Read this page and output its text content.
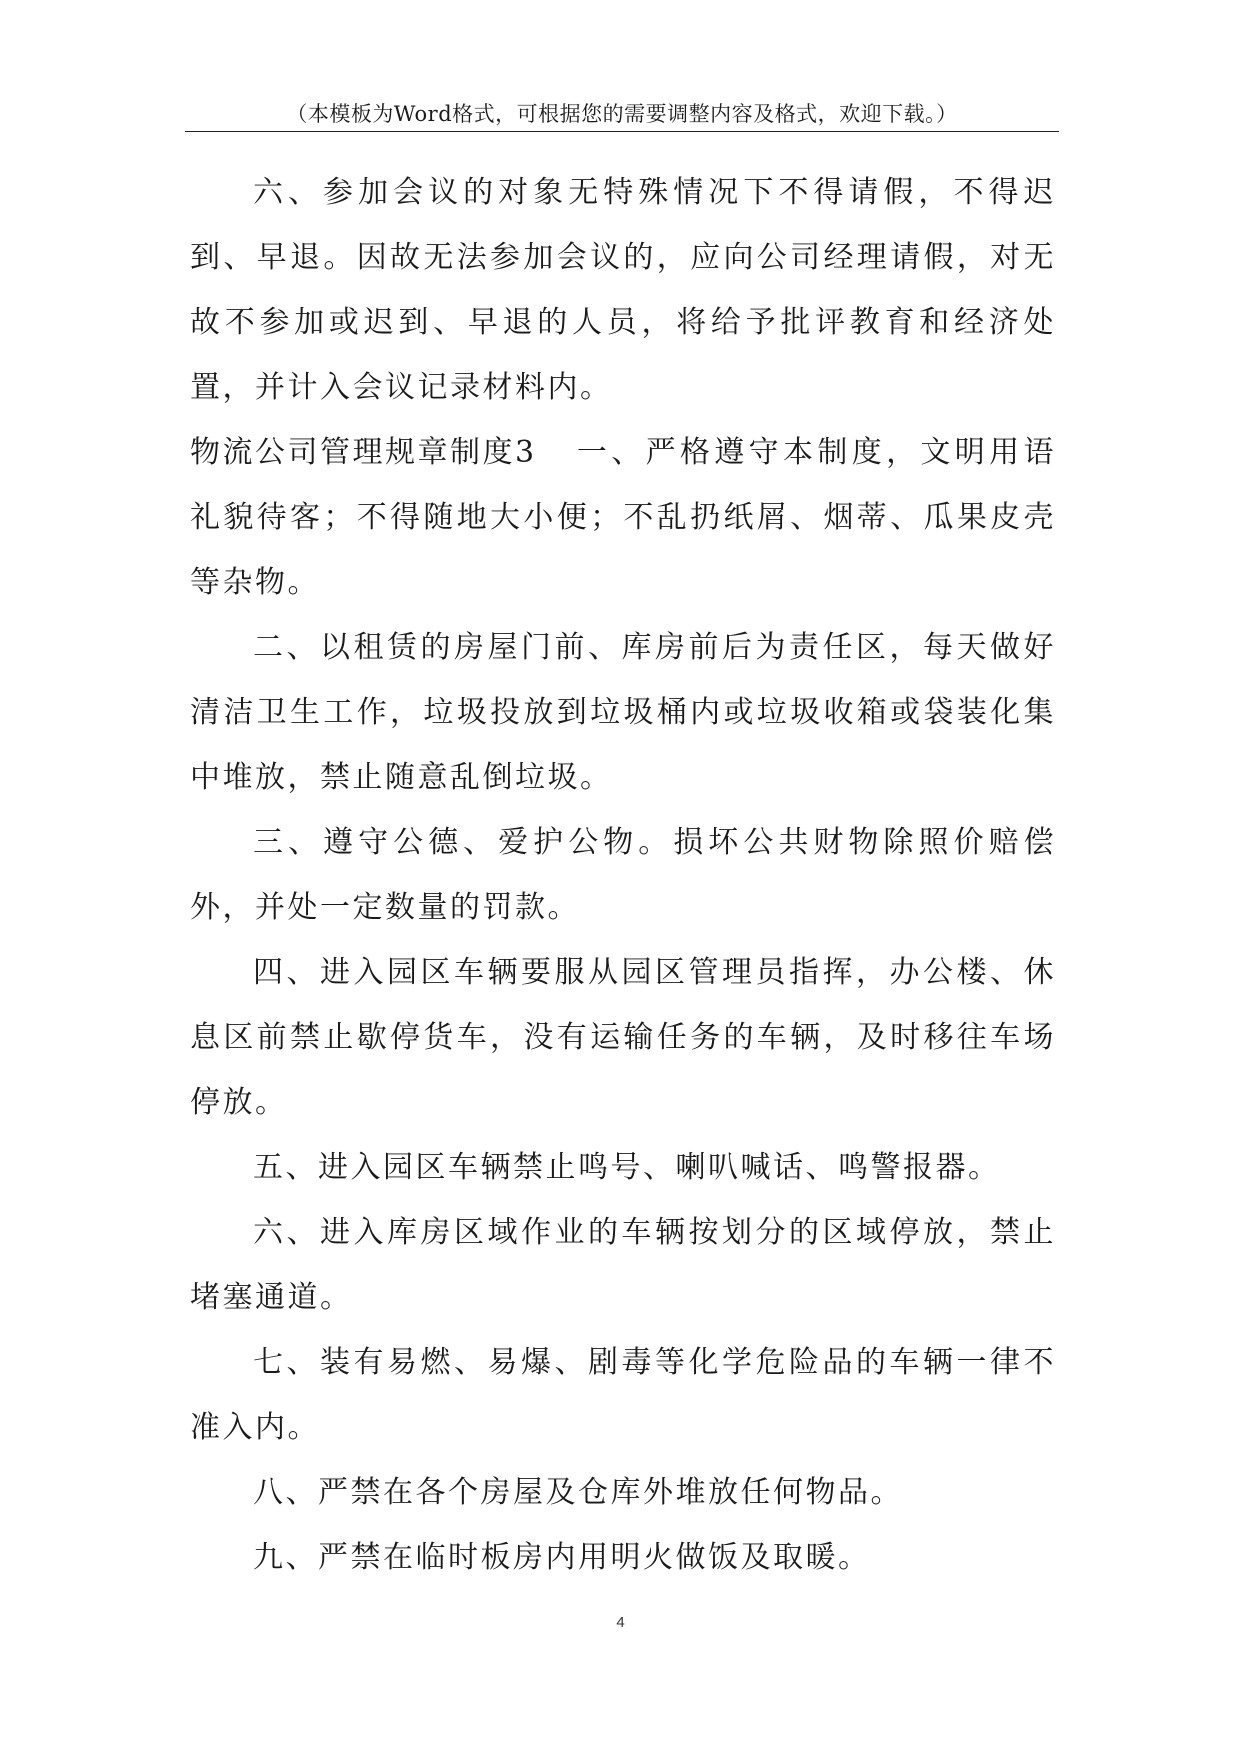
（本模板为Word格式，可根据您的需要调整内容及格式，欢迎下载。）

六、参加会议的对象无特殊情况下不得请假，不得迟到、早退。因故无法参加会议的，应向公司经理请假，对无故不参加或迟到、早退的人员，将给予批评教育和经济处置，并计入会议记录材料内。

物流公司管理规章制度3 一、严格遵守本制度，文明用语礼貌待客；不得随地大小便；不乱扔纸屑、烟蒂、瓜果皮壳等杂物。

二、以租赁的房屋门前、库房前后为责任区，每天做好清洁卫生工作，垃圾投放到垃圾桶内或垃圾收箱或袋装化集中堆放，禁止随意乱倒垃圾。

三、遵守公德、爱护公物。损坏公共财物除照价赔偿外，并处一定数量的罚款。

四、进入园区车辆要服从园区管理员指挥，办公楼、休息区前禁止歇停货车，没有运输任务的车辆，及时移往车场停放。

五、进入园区车辆禁止鸣号、喇叭喊话、鸣警报器。

六、进入库房区域作业的车辆按划分的区域停放，禁止堵塞通道。

七、装有易燃、易爆、剧毒等化学危险品的车辆一律不准入内。

八、严禁在各个房屋及仓库外堆放任何物品。

九、严禁在临时板房内用明火做饭及取暖。

4
